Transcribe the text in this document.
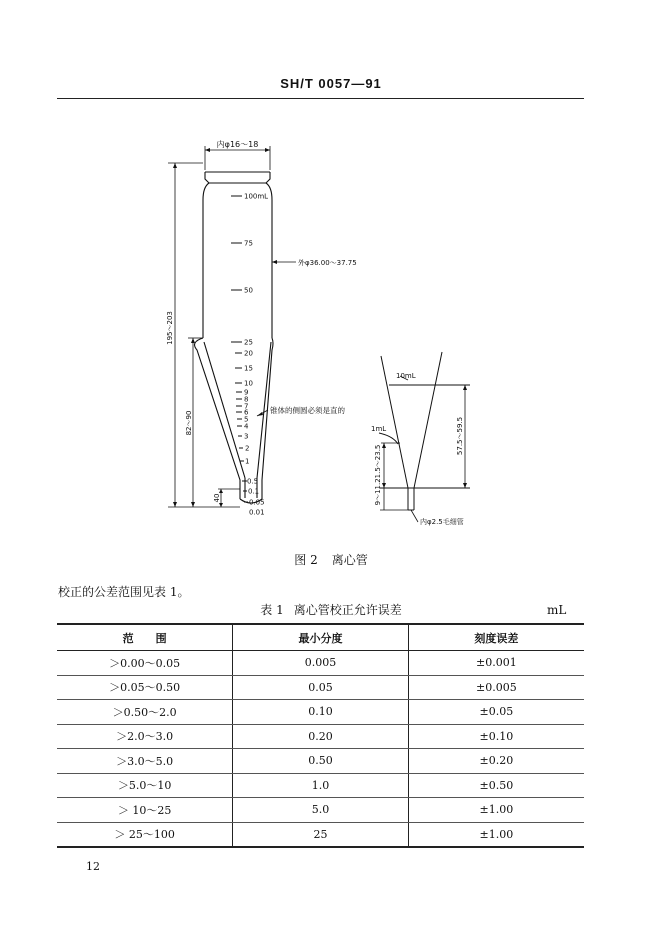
SH/T 0057—91
100mL
75
50
25
20
15
10
9
8
7
6
5
4
3
2
1
0.5
0.1
0.05
0.01
内φ16～18
外φ36.00～37.75
195～203
82～90
40
锥体的侧圆必须是直的
10mL
1mL	57.5～59.5
9～11.21.5～23.5
内φ2.5毛细管
图 2 离心管
校正的公差范围见表 1。
表 1 离心管校正允许误差	mL
范　　围	最小分度	刻度误差
＞0.00～0.05	0.005	±0.001
＞0.05～0.50	0.05	±0.005
＞0.50～2.0	0.10	±0.05
＞2.0～3.0	0.20	±0.10
＞3.0～5.0	0.50	±0.20
＞5.0～10	1.0	±0.50
＞ 10～25	5.0	±1.00
＞ 25～100	25	±1.00
12
